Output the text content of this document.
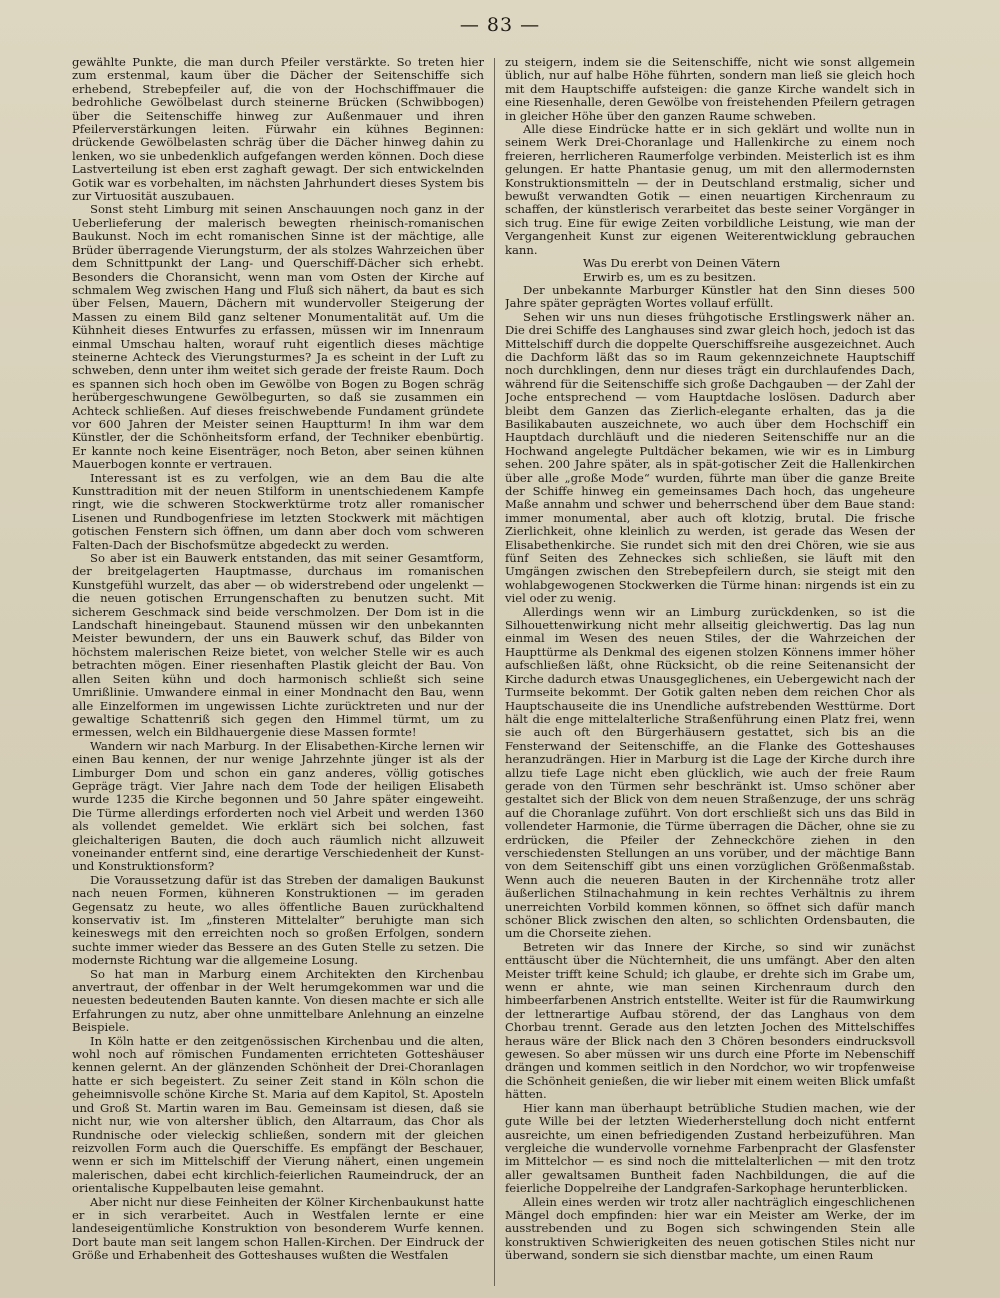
— 83 —

gewählte Punkte, die man durch Pfeiler verstärkte. So treten hier zum erstenmal, kaum über die Dächer der Seitenschiffe sich erhebend, Strebepfeiler auf, die von der Hochschiffmauer die bedrohliche Gewölbelast durch steinerne Brücken (Schwibbogen) über die Seitenschiffe hinweg zur Außenmauer und ihren Pfeilerverstärkungen leiten. Fürwahr ein kühnes Beginnen: drückende Gewölbelasten schräg über die Dächer hinweg dahin zu lenken, wo sie unbedenklich aufgefangen werden können. Doch diese Lastverteilung ist eben erst zaghaft gewagt. Der sich entwickelnden Gotik war es vorbehalten, im nächsten Jahrhundert dieses System bis zur Virtuosität auszubauen.

Sonst steht Limburg mit seinen Anschauungen noch ganz in der Ueberlieferung der malerisch bewegten rheinisch-romanischen Baukunst. Noch im echt romanischen Sinne ist der mächtige, alle Brüder überragende Vierungsturm, der als stolzes Wahrzeichen über dem Schnittpunkt der Lang- und Querschiff-Dächer sich erhebt. Besonders die Choransicht, wenn man vom Osten der Kirche auf schmalem Weg zwischen Hang und Fluß sich nähert, da baut es sich über Felsen, Mauern, Dächern mit wundervoller Steigerung der Massen zu einem Bild ganz seltener Monumentalität auf. Um die Kühnheit dieses Entwurfes zu erfassen, müssen wir im Innenraum einmal Umschau halten, worauf ruht eigentlich dieses mächtige steinerne Achteck des Vierungsturmes? Ja es scheint in der Luft zu schweben, denn unter ihm weitet sich gerade der freiste Raum. Doch es spannen sich hoch oben im Gewölbe von Bogen zu Bogen schräg herübergeschwungene Gewölbegurten, so daß sie zusammen ein Achteck schließen. Auf dieses freischwebende Fundament gründete vor 600 Jahren der Meister seinen Hauptturm! In ihm war dem Künstler, der die Schönheitsform erfand, der Techniker ebenbürtig. Er kannte noch keine Eisenträger, noch Beton, aber seinen kühnen Mauerbogen konnte er vertrauen.

Interessant ist es zu verfolgen, wie an dem Bau die alte Kunsttradition mit der neuen Stilform in unentschiedenem Kampfe ringt, wie die schweren Stockwerktürme trotz aller romanischer Lisenen und Rundbogenfriese im letzten Stockwerk mit mächtigen gotischen Fenstern sich öffnen, um dann aber doch vom schweren Falten-Dach der Bischofsmütze abgedeckt zu werden.

So aber ist ein Bauwerk entstanden, das mit seiner Gesamtform, der breitgelagerten Hauptmasse, durchaus im romanischen Kunstgefühl wurzelt, das aber — ob widerstrebend oder ungelenkt — die neuen gotischen Errungenschaften zu benutzen sucht. Mit sicherem Geschmack sind beide verschmolzen. Der Dom ist in die Landschaft hineingebaut. Staunend müssen wir den unbekannten Meister bewundern, der uns ein Bauwerk schuf, das Bilder von höchstem malerischen Reize bietet, von welcher Stelle wir es auch betrachten mögen. Einer riesenhaften Plastik gleicht der Bau. Von allen Seiten kühn und doch harmonisch schließt sich seine Umrißlinie. Umwandere einmal in einer Mondnacht den Bau, wenn alle Einzelformen im ungewissen Lichte zurücktreten und nur der gewaltige Schattenriß sich gegen den Himmel türmt, um zu ermessen, welch ein Bildhauergenie diese Massen formte!

Wandern wir nach Marburg. In der Elisabethen-Kirche lernen wir einen Bau kennen, der nur wenige Jahrzehnte jünger ist als der Limburger Dom und schon ein ganz anderes, völlig gotisches Gepräge trägt. Vier Jahre nach dem Tode der heiligen Elisabeth wurde 1235 die Kirche begonnen und 50 Jahre später eingeweiht. Die Türme allerdings erforderten noch viel Arbeit und werden 1360 als vollendet gemeldet. Wie erklärt sich bei solchen, fast gleichalterigen Bauten, die doch auch räumlich nicht allzuweit voneinander entfernt sind, eine derartige Verschiedenheit der Kunst- und Konstruktionsform?

Die Voraussetzung dafür ist das Streben der damaligen Baukunst nach neuen Formen, kühneren Konstruktionen — im geraden Gegensatz zu heute, wo alles öffentliche Bauen zurückhaltend konservativ ist. Im „finsteren Mittelalter“ beruhigte man sich keineswegs mit den erreichten noch so großen Erfolgen, sondern suchte immer wieder das Bessere an des Guten Stelle zu setzen. Die modernste Richtung war die allgemeine Losung.

So hat man in Marburg einem Architekten den Kirchenbau anvertraut, der offenbar in der Welt herumgekommen war und die neuesten bedeutenden Bauten kannte. Von diesen machte er sich alle Erfahrungen zu nutz, aber ohne unmittelbare Anlehnung an einzelne Beispiele.

In Köln hatte er den zeitgenössischen Kirchenbau und die alten, wohl noch auf römischen Fundamenten errichteten Gotteshäuser kennen gelernt. An der glänzenden Schönheit der Drei-Choranlagen hatte er sich begeistert. Zu seiner Zeit stand in Köln schon die geheimnisvolle schöne Kirche St. Maria auf dem Kapitol, St. Aposteln und Groß St. Martin waren im Bau. Gemeinsam ist diesen, daß sie nicht nur, wie von altersher üblich, den Altarraum, das Chor als Rundnische oder vieleckig schließen, sondern mit der gleichen reizvollen Form auch die Querschiffe. Es empfängt der Beschauer, wenn er sich im Mittelschiff der Vierung nähert, einen ungemein malerischen, dabei echt kirchlich-feierlichen Raumeindruck, der an orientalische Kuppelbauten leise gemahnt.

Aber nicht nur diese Feinheiten der Kölner Kirchenbaukunst hatte er in sich verarbeitet. Auch in Westfalen lernte er eine landeseigentümliche Konstruktion von besonderem Wurfe kennen. Dort baute man seit langem schon Hallen-Kirchen. Der Eindruck der Größe und Erhabenheit des Gotteshauses wußten die Westfalen

zu steigern, indem sie die Seitenschiffe, nicht wie sonst allgemein üblich, nur auf halbe Höhe führten, sondern man ließ sie gleich hoch mit dem Hauptschiffe aufsteigen: die ganze Kirche wandelt sich in eine Riesenhalle, deren Gewölbe von freistehenden Pfeilern getragen in gleicher Höhe über den ganzen Raume schweben.

Alle diese Eindrücke hatte er in sich geklärt und wollte nun in seinem Werk Drei-Choranlage und Hallenkirche zu einem noch freieren, herrlicheren Raumerfolge verbinden. Meisterlich ist es ihm gelungen. Er hatte Phantasie genug, um mit den allermodernsten Konstruktionsmitteln — der in Deutschland erstmalig, sicher und bewußt verwandten Gotik — einen neuartigen Kirchenraum zu schaffen, der künstlerisch verarbeitet das beste seiner Vorgänger in sich trug. Eine für ewige Zeiten vorbildliche Leistung, wie man der Vergangenheit Kunst zur eigenen Weiterentwicklung gebrauchen kann.

Was Du ererbt von Deinen Vätern
Erwirb es, um es zu besitzen.

Der unbekannte Marburger Künstler hat den Sinn dieses 500 Jahre später geprägten Wortes vollauf erfüllt.

Sehen wir uns nun dieses frühgotische Erstlingswerk näher an. Die drei Schiffe des Langhauses sind zwar gleich hoch, jedoch ist das Mittelschiff durch die doppelte Querschiffsreihe ausgezeichnet. Auch die Dachform läßt das so im Raum gekennzeichnete Hauptschiff noch durchklingen, denn nur dieses trägt ein durchlaufendes Dach, während für die Seitenschiffe sich große Dachgauben — der Zahl der Joche entsprechend — vom Hauptdache loslösen. Dadurch aber bleibt dem Ganzen das Zierlich-elegante erhalten, das ja die Basilikabauten auszeichnete, wo auch über dem Hochschiff ein Hauptdach durchläuft und die niederen Seitenschiffe nur an die Hochwand angelegte Pultdächer bekamen, wie wir es in Limburg sehen. 200 Jahre später, als in spät-gotischer Zeit die Hallenkirchen über alle „große Mode“ wurden, führte man über die ganze Breite der Schiffe hinweg ein gemeinsames Dach hoch, das ungeheure Maße annahm und schwer und beherrschend über dem Baue stand: immer monumental, aber auch oft klotzig, brutal. Die frische Zierlichkeit, ohne kleinlich zu werden, ist gerade das Wesen der Elisabethenkirche. Sie rundet sich mit den drei Chören, wie sie aus fünf Seiten des Zehneckes sich schließen, sie läuft mit den Umgängen zwischen den Strebepfeilern durch, sie steigt mit den wohlabgewogenen Stockwerken die Türme hinan: nirgends ist ein zu viel oder zu wenig.

Allerdings wenn wir an Limburg zurückdenken, so ist die Silhouettenwirkung nicht mehr allseitig gleichwertig. Das lag nun einmal im Wesen des neuen Stiles, der die Wahrzeichen der Haupttürme als Denkmal des eigenen stolzen Könnens immer höher aufschließen läßt, ohne Rücksicht, ob die reine Seitenansicht der Kirche dadurch etwas Unausgeglichenes, ein Uebergewicht nach der Turmseite bekommt. Der Gotik galten neben dem reichen Chor als Hauptschauseite die ins Unendliche aufstrebenden Westtürme. Dort hält die enge mittelalterliche Straßenführung einen Platz frei, wenn sie auch oft den Bürgerhäusern gestattet, sich bis an die Fensterwand der Seitenschiffe, an die Flanke des Gotteshauses heranzudrängen. Hier in Marburg ist die Lage der Kirche durch ihre allzu tiefe Lage nicht eben glücklich, wie auch der freie Raum gerade von den Türmen sehr beschränkt ist. Umso schöner aber gestaltet sich der Blick von dem neuen Straßenzuge, der uns schräg auf die Choranlage zuführt. Von dort erschließt sich uns das Bild in vollendeter Harmonie, die Türme überragen die Dächer, ohne sie zu erdrücken, die Pfeiler der Zehneckchöre ziehen in den verschiedensten Stellungen an uns vorüber, und der mächtige Bann von dem Seitenschiff gibt uns einen vorzüglichen Größenmaßstab. Wenn auch die neueren Bauten in der Kirchennähe trotz aller äußerlichen Stilnachahmung in kein rechtes Verhältnis zu ihrem unerreichten Vorbild kommen können, so öffnet sich dafür manch schöner Blick zwischen den alten, so schlichten Ordensbauten, die um die Chorseite ziehen.

Betreten wir das Innere der Kirche, so sind wir zunächst enttäuscht über die Nüchternheit, die uns umfängt. Aber den alten Meister trifft keine Schuld; ich glaube, er drehte sich im Grabe um, wenn er ahnte, wie man seinen Kirchenraum durch den himbeerfarbenen Anstrich entstellte. Weiter ist für die Raumwirkung der lettnerartige Aufbau störend, der das Langhaus von dem Chorbau trennt. Gerade aus den letzten Jochen des Mittelschiffes heraus wäre der Blick nach den 3 Chören besonders eindrucksvoll gewesen. So aber müssen wir uns durch eine Pforte im Nebenschiff drängen und kommen seitlich in den Nordchor, wo wir tropfenweise die Schönheit genießen, die wir lieber mit einem weiten Blick umfaßt hätten.

Hier kann man überhaupt betrübliche Studien machen, wie der gute Wille bei der letzten Wiederherstellung doch nicht entfernt ausreichte, um einen befriedigenden Zustand herbeizuführen. Man vergleiche die wundervolle vornehme Farbenpracht der Glasfenster im Mittelchor — es sind noch die mittelalterlichen — mit den trotz aller gewaltsamen Buntheit faden Nachbildungen, die auf die feierliche Doppelreihe der Landgrafen-Sarkophage herunterblicken.

Allein eines werden wir trotz aller nachträglich eingeschlichenen Mängel doch empfinden: hier war ein Meister am Werke, der im ausstrebenden und zu Bogen sich schwingenden Stein alle konstruktiven Schwierigkeiten des neuen gotischen Stiles nicht nur überwand, sondern sie sich dienstbar machte, um einen Raum
